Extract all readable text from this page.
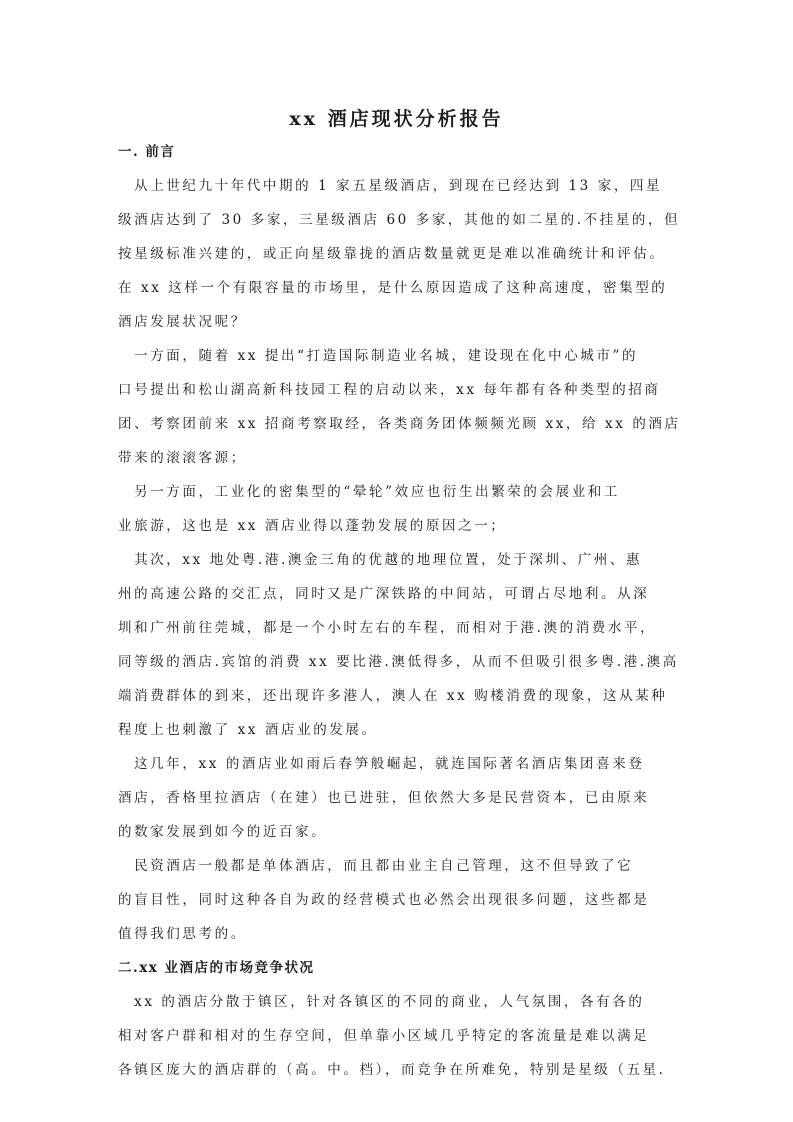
xx 酒店现状分析报告
一. 前言
　从上世纪九十年代中期的 1 家五星级酒店，到现在已经达到 13 家，四星
级酒店达到了 30 多家，三星级酒店 60 多家，其他的如二星的.不挂星的，但
按星级标准兴建的，或正向星级靠拢的酒店数量就更是难以准确统计和评估。
在 xx 这样一个有限容量的市场里，是什么原因造成了这种高速度，密集型的
酒店发展状况呢？
　一方面，随着 xx 提出“打造国际制造业名城，建设现在化中心城市”的
口号提出和松山湖高新科技园工程的启动以来，xx 每年都有各种类型的招商
团、考察团前来 xx 招商考察取经，各类商务团体频频光顾 xx，给 xx 的酒店
带来的滚滚客源；
　另一方面，工业化的密集型的“晕轮”效应也衍生出繁荣的会展业和工
业旅游，这也是 xx 酒店业得以蓬勃发展的原因之一；
　其次，xx 地处粤.港.澳金三角的优越的地理位置，处于深圳、广州、惠
州的高速公路的交汇点，同时又是广深铁路的中间站，可谓占尽地利。从深
圳和广州前往莞城，都是一个小时左右的车程，而相对于港.澳的消费水平，
同等级的酒店.宾馆的消费 xx 要比港.澳低得多，从而不但吸引很多粤.港.澳高
端消费群体的到来，还出现许多港人，澳人在 xx 购楼消费的现象，这从某种
程度上也刺激了 xx 酒店业的发展。
　这几年，xx 的酒店业如雨后春笋般崛起，就连国际著名酒店集团喜来登
酒店，香格里拉酒店（在建）也已进驻，但依然大多是民营资本，已由原来
的数家发展到如今的近百家。
　民资酒店一般都是单体酒店，而且都由业主自己管理，这不但导致了它
的盲目性，同时这种各自为政的经营模式也必然会出现很多问题，这些都是
值得我们思考的。
二.xx 业酒店的市场竞争状况
　xx 的酒店分散于镇区，针对各镇区的不同的商业，人气氛围，各有各的
相对客户群和相对的生存空间，但单靠小区域几乎特定的客流量是难以满足
各镇区庞大的酒店群的（高。中。档），而竞争在所难免，特别是星级（五星.
